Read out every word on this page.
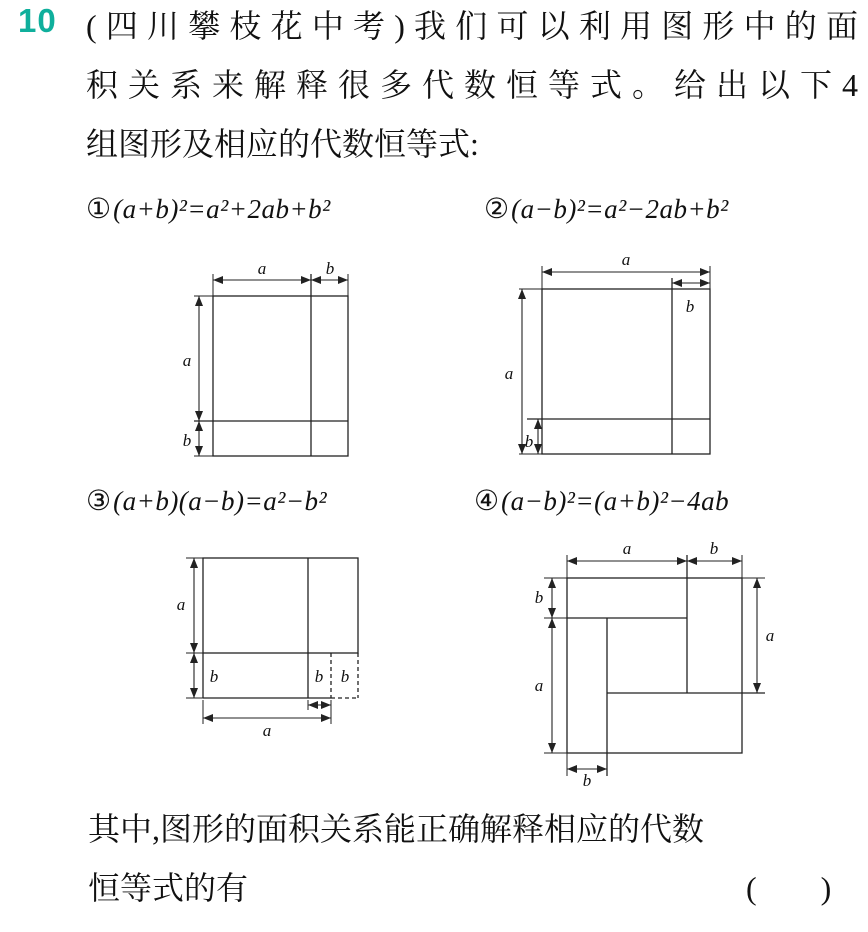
10 (四川攀枝花中考)我们可以利用图形中的面
积关系来解释很多代数恒等式。给出以下4
组图形及相应的代数恒等式:
①(a+b)²=a²+2ab+b²	②(a−b)²=a²−2ab+b²
a	b
a
b
a
b
a
b
③(a+b)(a−b)=a²−b²	④(a−b)²=(a+b)²−4ab
a
b	b b
a
a	b
b
a
a
b
其中,图形的面积关系能正确解释相应的代数
恒等式的有	(　　)
